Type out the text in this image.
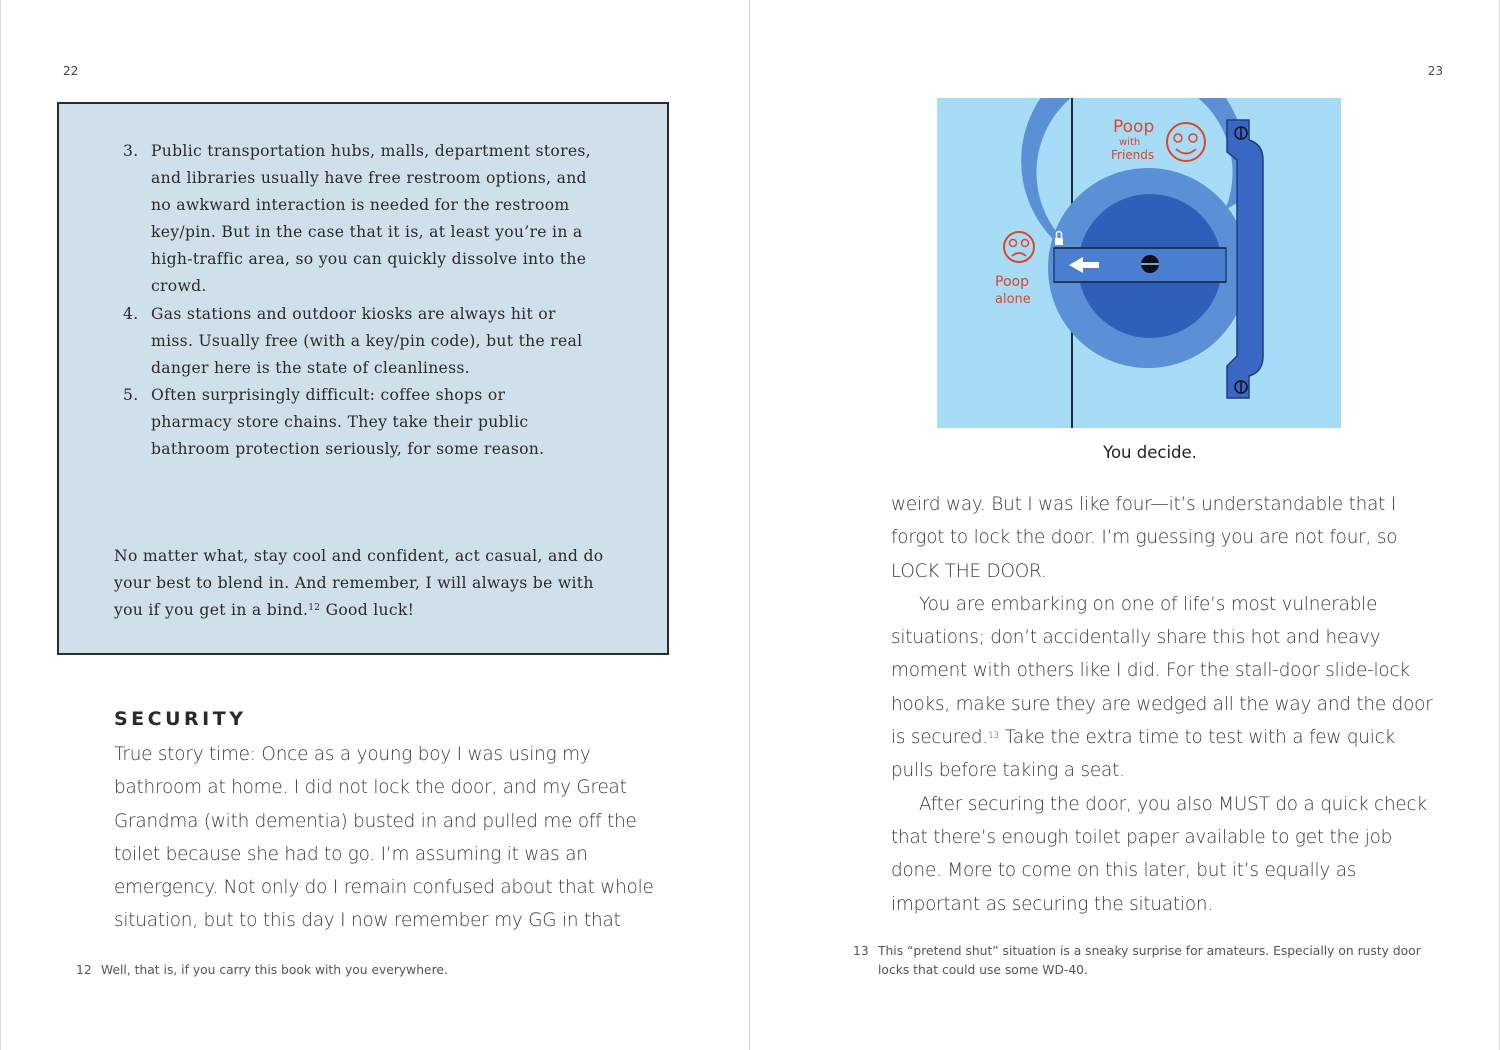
22
3. Public transportation hubs, malls, department stores, and libraries usually have free restroom options, and no awkward interaction is needed for the restroom key/pin. But in the case that it is, at least you’re in a high-traffic area, so you can quickly dissolve into the crowd.
4. Gas stations and outdoor kiosks are always hit or miss. Usually free (with a key/pin code), but the real danger here is the state of cleanliness.
5. Often surprisingly difficult: coffee shops or pharmacy store chains. They take their public bathroom protection seriously, for some reason.
No matter what, stay cool and confident, act casual, and do your best to blend in. And remember, I will always be with you if you get in a bind.$^{12}$ Good luck!
SECURITY

True story time: Once as a young boy I was using my bathroom at home. I did not lock the door, and my Great Grandma (with dementia) busted in and pulled me off the toilet because she had to go. I’m assuming it was an emergency. Not only do I remain confused about that whole situation, but to this day I now remember my GG in that

12 Well, that is, if you carry this book with you everywhere.
23
Poop
with
Friends
Poop
alone
You decide.

weird way. But I was like four—it’s understandable that I forgot to lock the door. I’m guessing you are not four, so LOCK THE DOOR.

You are embarking on one of life’s most vulnerable situations; don’t accidentally share this hot and heavy moment with others like I did. For the stall-door slide-lock hooks, make sure they are wedged all the way and the door is secured.$^{13}$ Take the extra time to test with a few quick pulls before taking a seat.

After securing the door, you also MUST do a quick check that there’s enough toilet paper available to get the job done. More to come on this later, but it’s equally as important as securing the situation.

13 This “pretend shut” situation is a sneaky surprise for amateurs. Especially on rusty door locks that could use some WD-40.
